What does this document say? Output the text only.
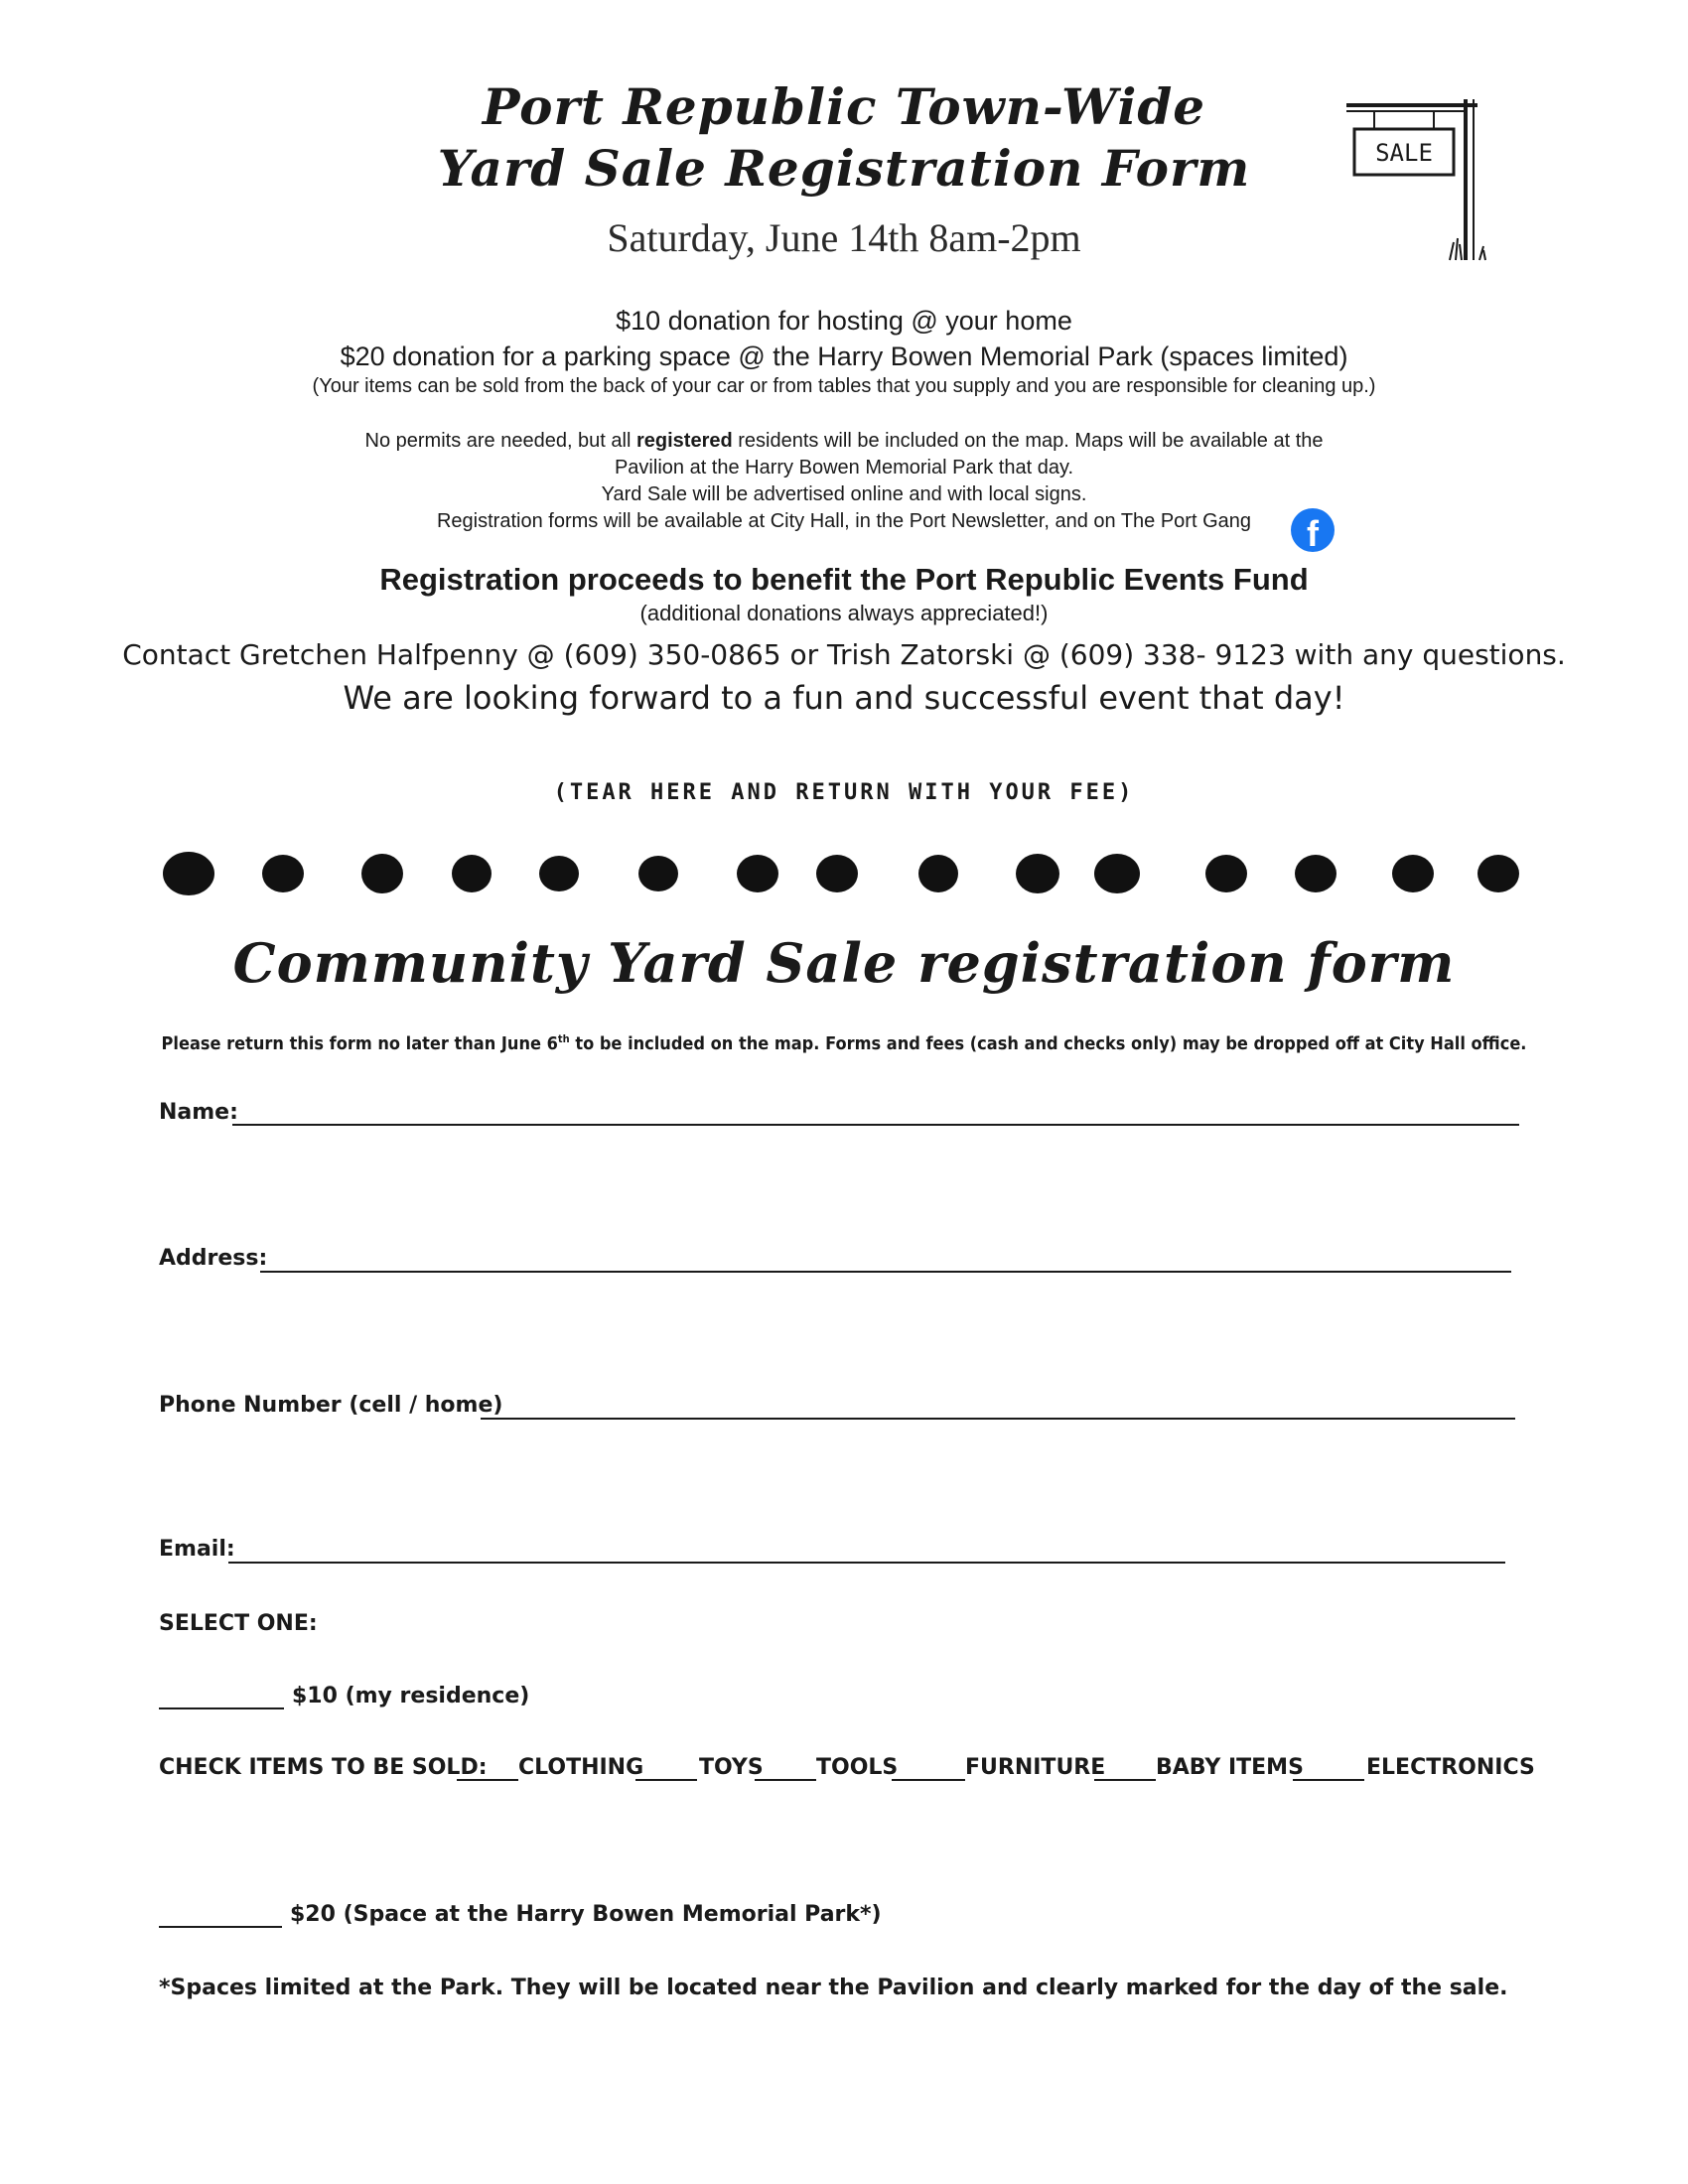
Port Republic Town-Wide
Yard Sale Registration Form
Saturday, June 14th 8am-2pm
SALE
$10 donation for hosting @ your home
$20 donation for a parking space @ the Harry Bowen Memorial Park (spaces limited)
(Your items can be sold from the back of your car or from tables that you supply and you are responsible for cleaning up.)
No permits are needed, but all registered residents will be included on the map. Maps will be available at the
Pavilion at the Harry Bowen Memorial Park that day.
Yard Sale will be advertised online and with local signs.
Registration forms will be available at City Hall, in the Port Newsletter, and on The Port Gang	f
Registration proceeds to benefit the Port Republic Events Fund
(additional donations always appreciated!)
Contact Gretchen Halfpenny @ (609) 350-0865 or Trish Zatorski @ (609) 338- 9123 with any questions.
We are looking forward to a fun and successful event that day!
(TEAR HERE AND RETURN WITH YOUR FEE)
Community Yard Sale registration form
Please return this form no later than June 6th to be included on the map. Forms and fees (cash and checks only) may be dropped off at City Hall office.
Name:
Address:
Phone Number (cell / home)
Email:
SELECT ONE:
$10 (my residence)
CHECK ITEMS TO BE SOLD: CLOTHING	TOYS TOOLS	FURNITURE BABY ITEMS	ELECTRONICS
$20 (Space at the Harry Bowen Memorial Park*)
*Spaces limited at the Park. They will be located near the Pavilion and clearly marked for the day of the sale.
